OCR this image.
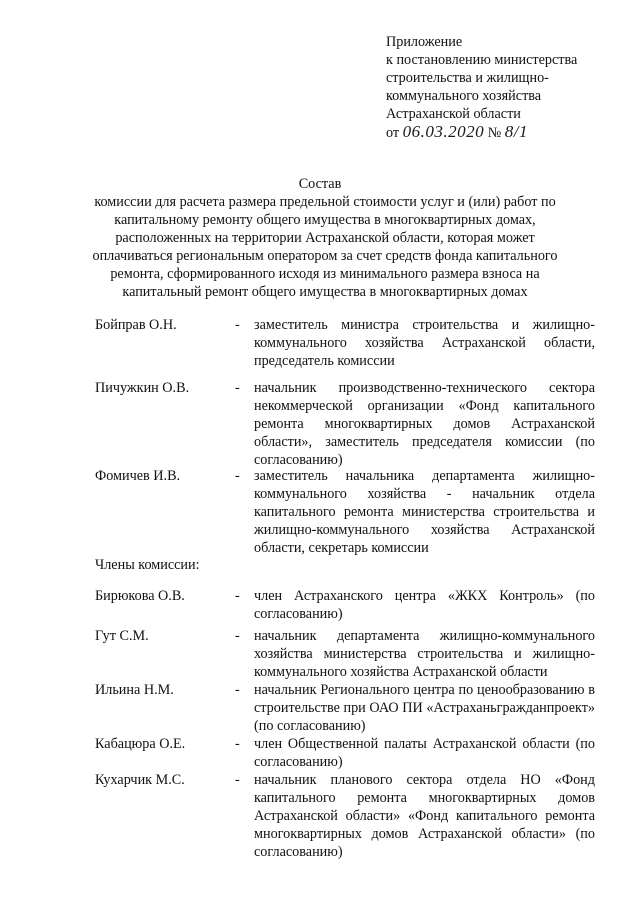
Приложение
к постановлению министерства
строительства и жилищно-
коммунального хозяйства
Астраханской области
от 06.03.2020 № 8/1
Состав
комиссии для расчета размера предельной стоимости услуг и (или) работ по
капитальному ремонту общего имущества в многоквартирных домах,
расположенных на территории Астраханской области, которая может
оплачиваться региональным оператором за счет средств фонда капитального
ремонта, сформированного исходя из минимального размера взноса на
капитальный ремонт общего имущества в многоквартирных домах
Бойправ О.Н.	- заместитель министра строительства и жилищно-коммунального хозяйства Астраханской области, председатель комиссии
Пичужкин О.В.	- начальник производственно-технического сектора некоммерческой организации «Фонд капитального ремонта многоквартирных домов Астраханской области», заместитель председателя комиссии (по согласованию)
Фомичев И.В.	- заместитель начальника департамента жилищно-коммунального хозяйства - начальник отдела капитального ремонта министерства строительства и жилищно-коммунального хозяйства Астраханской области, секретарь комиссии
Члены комиссии:
Бирюкова О.В.	- член Астраханского центра «ЖКХ Контроль» (по согласованию)
Гут С.М.	- начальник департамента жилищно-коммунального хозяйства министерства строительства и жилищно-коммунального хозяйства Астраханской области
Ильина Н.М.	- начальник Регионального центра по ценообразованию в строительстве при ОАО ПИ «Астраханьгражданпроект» (по согласованию)
Кабацюра О.Е.	- член Общественной палаты Астраханской области (по согласованию)
Кухарчик М.С.	- начальник планового сектора отдела НО «Фонд капитального ремонта многоквартирных домов Астраханской области» «Фонд капитального ремонта многоквартирных домов Астраханской области» (по согласованию)
